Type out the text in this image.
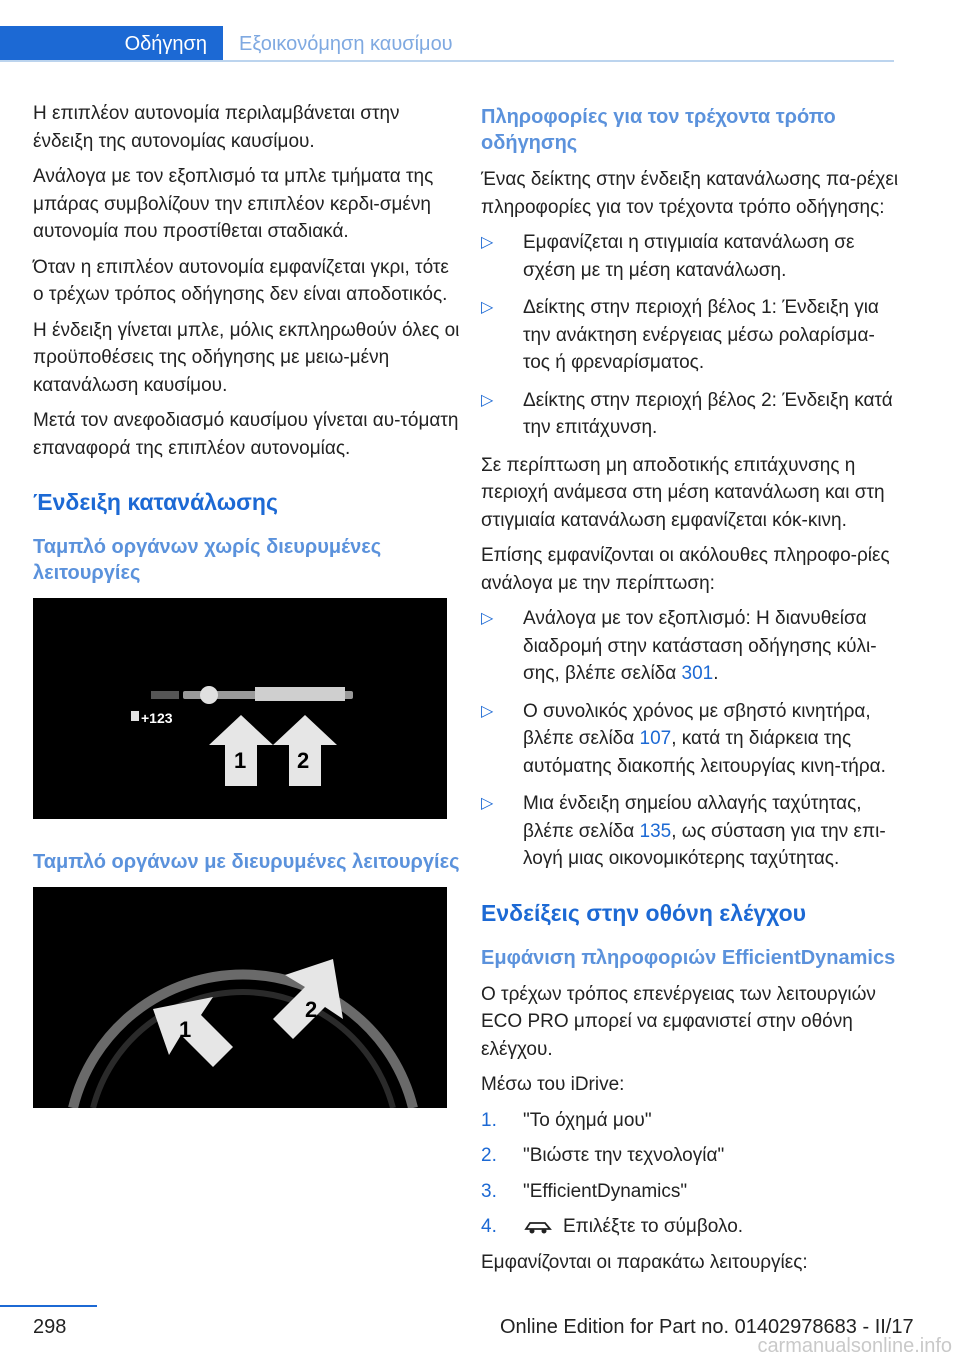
Οδήγηση Εξοικονόμηση καυσίμου

Η επιπλέον αυτονομία περιλαμβάνεται στην ένδειξη της αυτονομίας καυσίμου.

Ανάλογα με τον εξοπλισμό τα μπλε τμήματα της μπάρας συμβολίζουν την επιπλέον κερδι-σμένη αυτονομία που προστίθεται σταδιακά.

Όταν η επιπλέον αυτονομία εμφανίζεται γκρι, τότε ο τρέχων τρόπος οδήγησης δεν είναι αποδοτικός.

Η ένδειξη γίνεται μπλε, μόλις εκπληρωθούν όλες οι προϋποθέσεις της οδήγησης με μειω-μένη κατανάλωση καυσίμου.

Μετά τον ανεφοδιασμό καυσίμου γίνεται αυ-τόματη επαναφορά της επιπλέον αυτονομίας.

Ένδειξη κατανάλωσης
Ταμπλό οργάνων χωρίς διευρυμένες λειτουργίες
+123
1 2
Ταμπλό οργάνων με διευρυμένες λειτουργίες
1
2
Πληροφορίες για τον τρέχοντα τρόπο οδήγησης

Ένας δείκτης στην ένδειξη κατανάλωσης πα-ρέχει πληροφορίες για τον τρέχοντα τρόπο οδήγησης:

▷ Εμφανίζεται η στιγμιαία κατανάλωση σε σχέση με τη μέση κατανάλωση.
▷ Δείκτης στην περιοχή βέλος 1: Ένδειξη για την ανάκτηση ενέργειας μέσω ρολαρίσμα-τος ή φρεναρίσματος.
▷ Δείκτης στην περιοχή βέλος 2: Ένδειξη κατά την επιτάχυνση.

Σε περίπτωση μη αποδοτικής επιτάχυνσης η περιοχή ανάμεσα στη μέση κατανάλωση και στη στιγμιαία κατανάλωση εμφανίζεται κόκ-κινη.

Επίσης εμφανίζονται οι ακόλουθες πληροφο-ρίες ανάλογα με την περίπτωση:

▷ Ανάλογα με τον εξοπλισμό: Η διανυθείσα διαδρομή στην κατάσταση οδήγησης κύλι-σης, βλέπε σελίδα 301.
▷ Ο συνολικός χρόνος με σβηστό κινητήρα, βλέπε σελίδα 107, κατά τη διάρκεια της αυτόματης διακοπής λειτουργίας κινη-τήρα.
▷ Μια ένδειξη σημείου αλλαγής ταχύτητας, βλέπε σελίδα 135, ως σύσταση για την επι-λογή μιας οικονομικότερης ταχύτητας.
Ενδείξεις στην οθόνη ελέγχου
Εμφάνιση πληροφοριών EfficientDynamics

Ο τρέχων τρόπος επενέργειας των λειτουργιών ECO PRO μπορεί να εμφανιστεί στην οθόνη ελέγχου.

Μέσω του iDrive:

1. "Το όχημά μου"
2. "Βιώστε την τεχνολογία"
3. "EfficientDynamics"
4.	Επιλέξτε το σύμβολο.

Εμφανίζονται οι παρακάτω λειτουργίες:

298	Online Edition for Part no. 01402978683 - II/17
carmanualsonline.info
